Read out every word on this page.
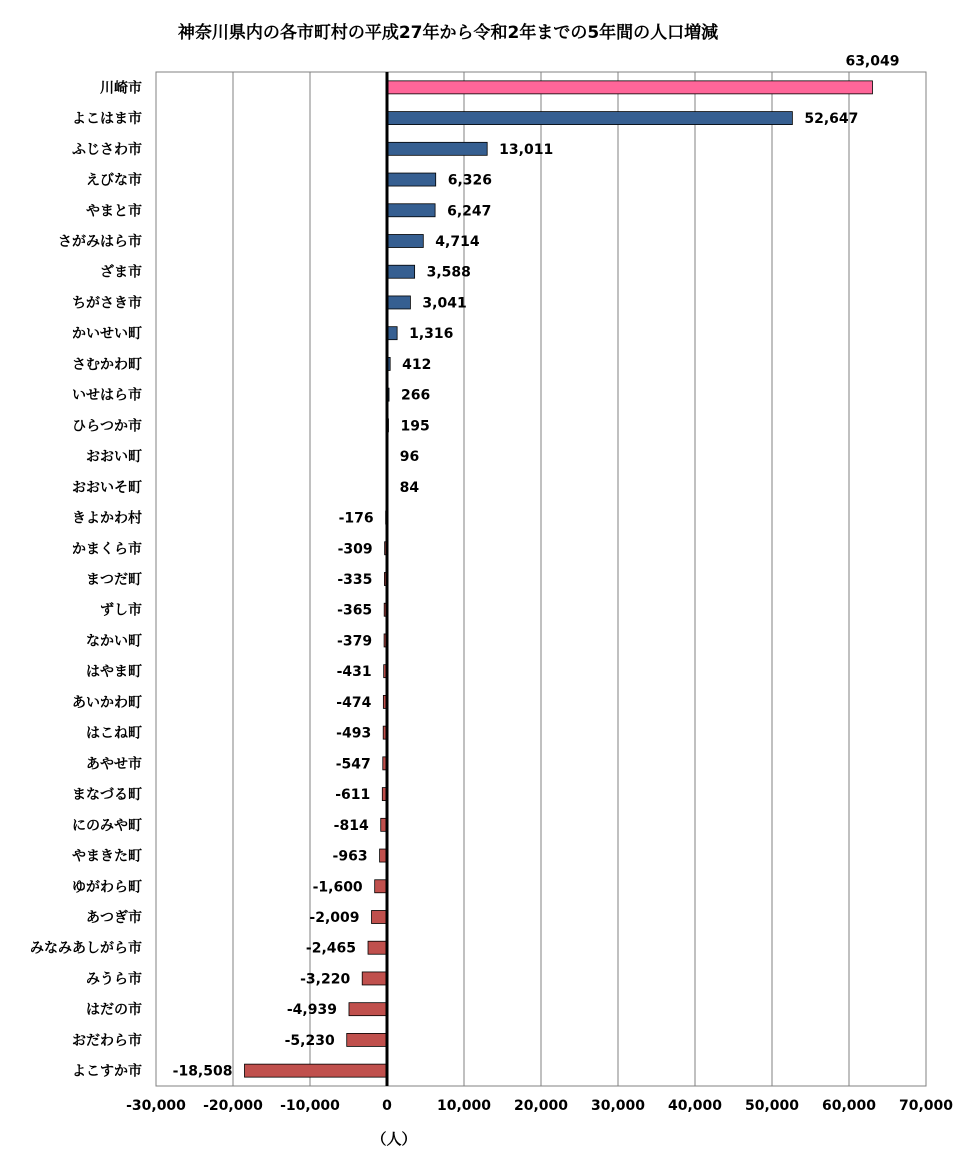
神奈川県内の各市町村の平成27年から令和2年までの5年間の人口増減
川崎市
よこはま市
ふじさわ市
えびな市
やまと市
さがみはら市
ざま市
ちがさき市
かいせい町
さむかわ町
いせはら市
ひらつか市
おおい町
おおいそ町
きよかわ村
かまくら市
まつだ町
ずし市
なかい町
はやま町
あいかわ町
はこね町
あやせ市
まなづる町
にのみや町
やまきた町
ゆがわら町
あつぎ市
みなみあしがら市
みうら市
はだの市
おだわら市
よこすか市
63,049
52,647
13,011
6,326
6,247
4,714
3,588
3,041
1,316
412
266
195
96
84
-176
-309
-335
-365
-379
-431
-474
-493
-547
-611
-814
-963
-1,600
-2,009
-2,465
-3,220
-4,939
-5,230
-18,508
-30,000 -20,000 -10,000	0	10,000 20,000 30,000 40,000 50,000 60,000 70,000
（人）
